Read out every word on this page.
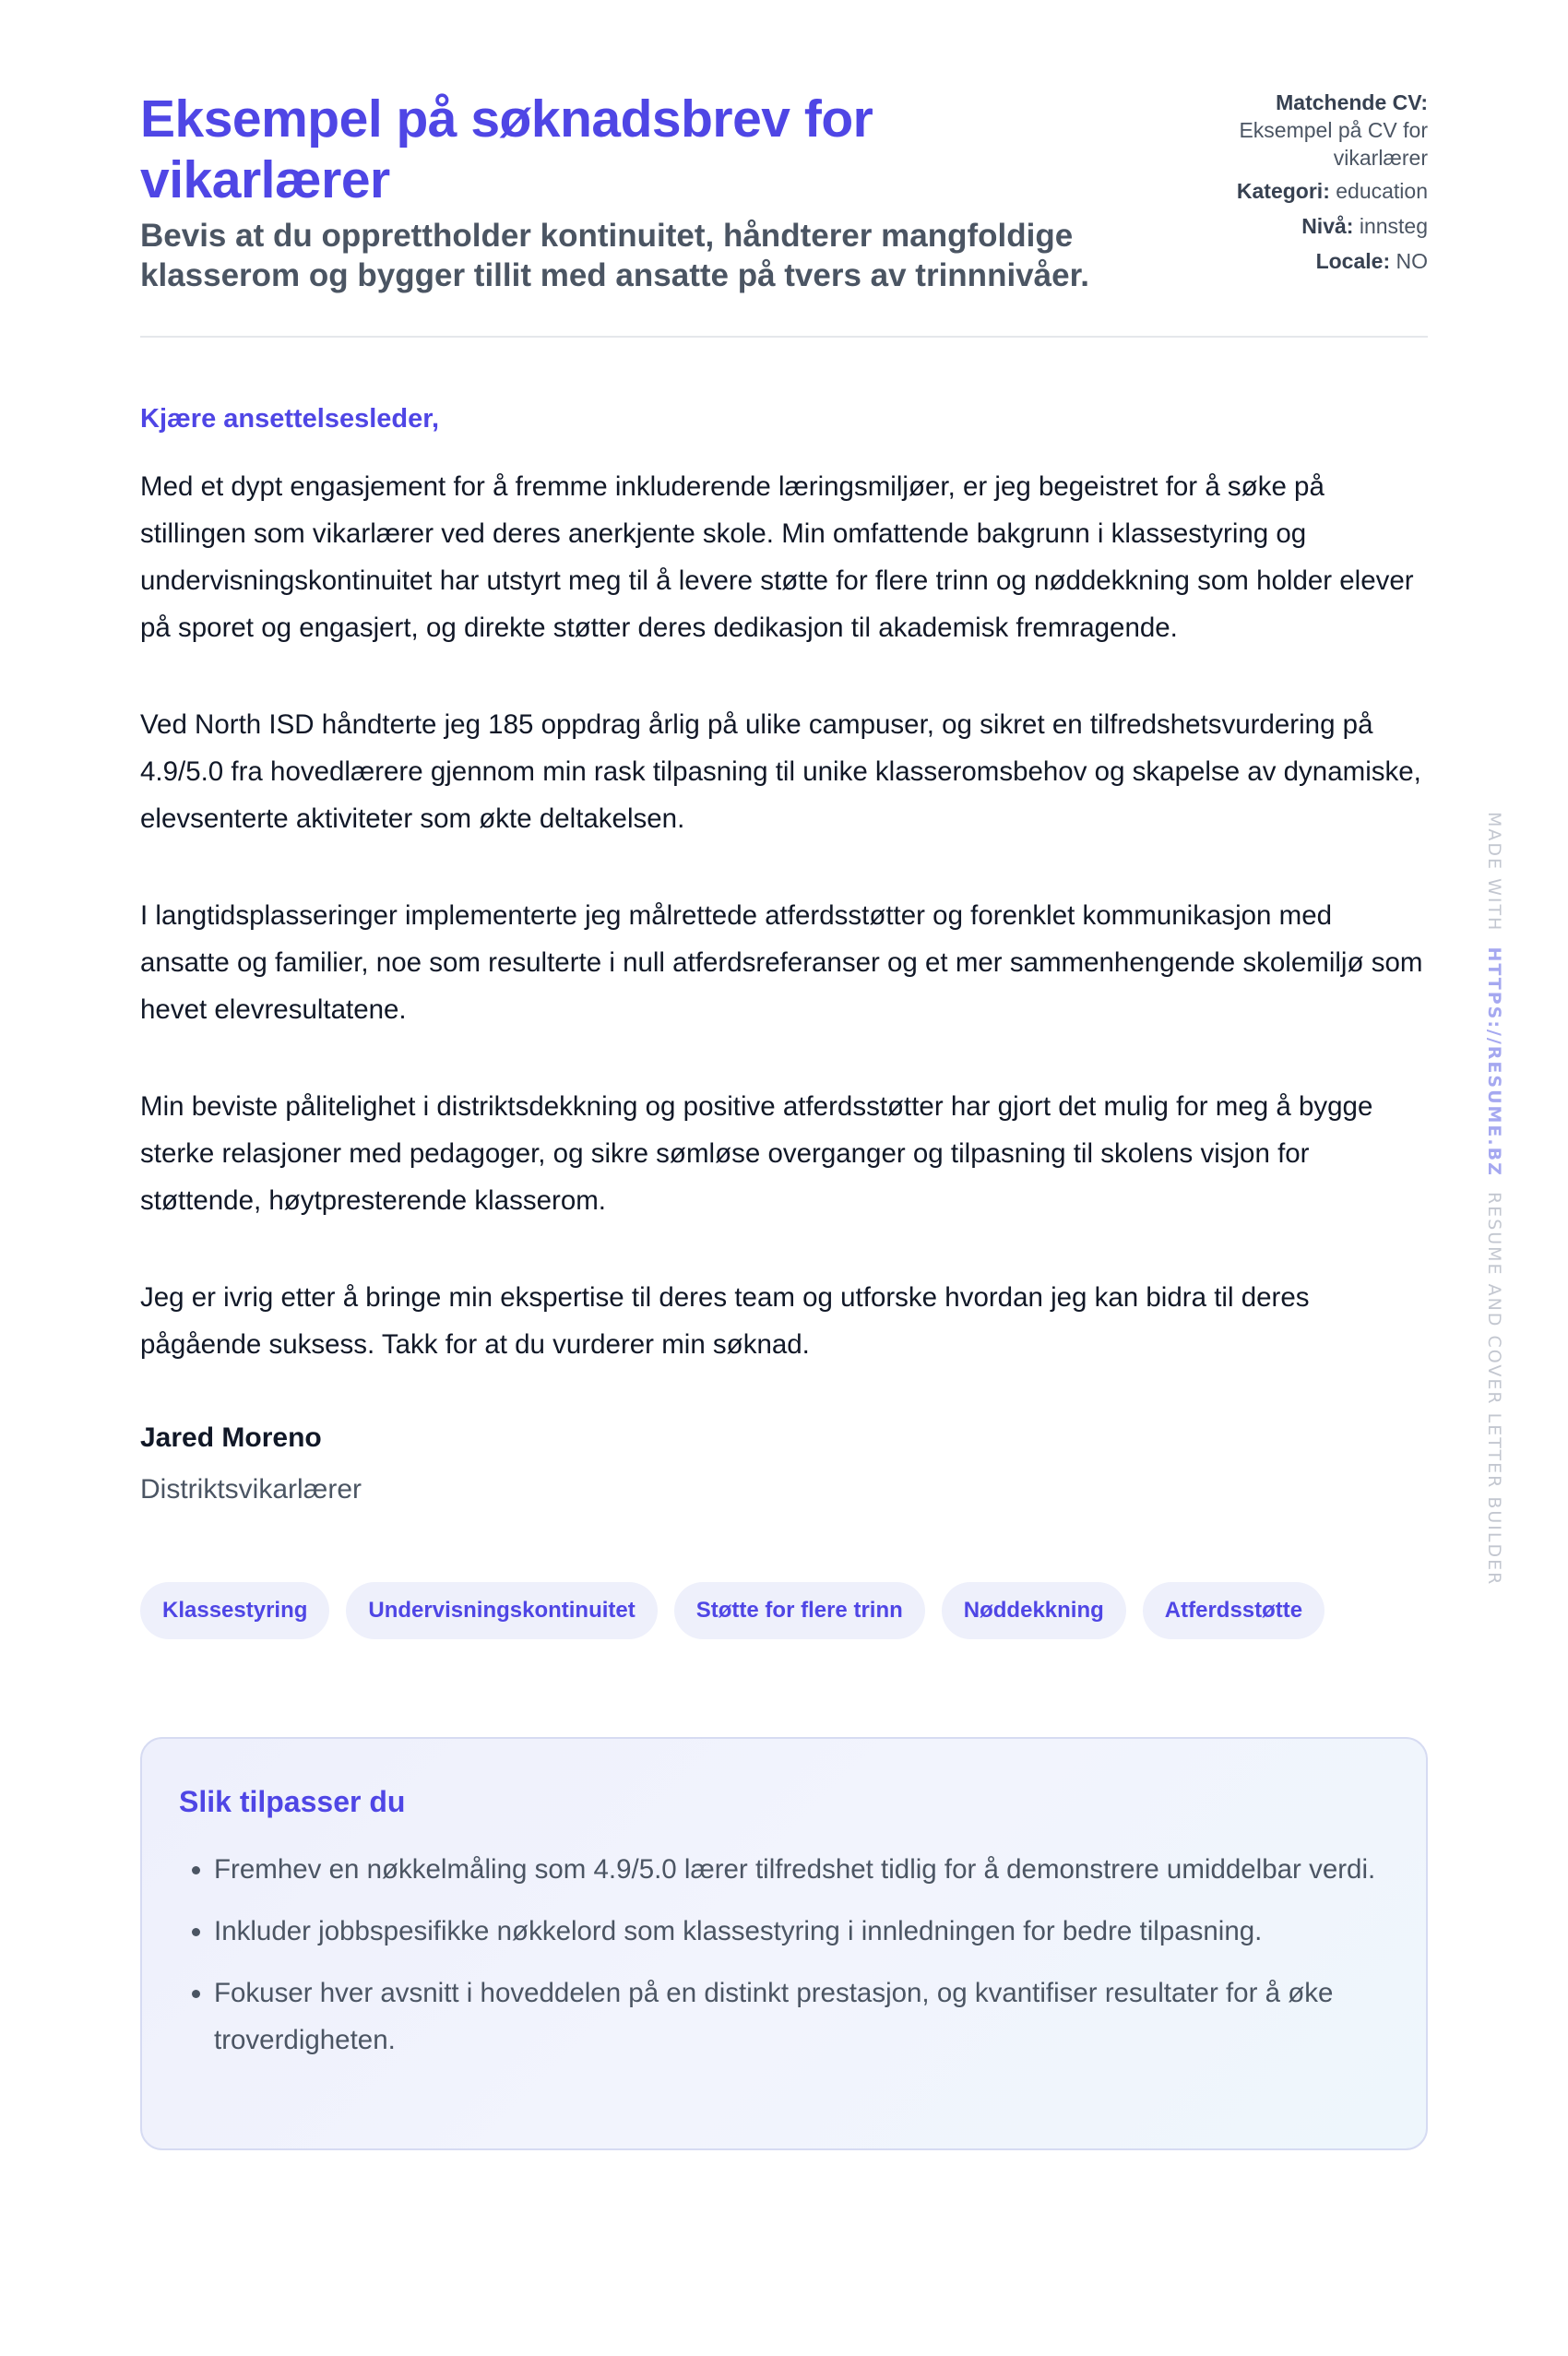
Eksempel på søknadsbrev for vikarlærer
Bevis at du opprettholder kontinuitet, håndterer mangfoldige klasserom og bygger tillit med ansatte på tvers av trinnnivåer.
Matchende CV:
Eksempel på CV for vikarlærer
Kategori: education
Nivå: innsteg
Locale: NO
Kjære ansettelsesleder,

Med et dypt engasjement for å fremme inkluderende læringsmiljøer, er jeg begeistret for å søke på stillingen som vikarlærer ved deres anerkjente skole. Min omfattende bakgrunn i klassestyring og undervisningskontinuitet har utstyrt meg til å levere støtte for flere trinn og nøddekkning som holder elever på sporet og engasjert, og direkte støtter deres dedikasjon til akademisk fremragende.

Ved North ISD håndterte jeg 185 oppdrag årlig på ulike campuser, og sikret en tilfredshetsvurdering på 4.9/5.0 fra hovedlærere gjennom min rask tilpasning til unike klasseromsbehov og skapelse av dynamiske, elevsenterte aktiviteter som økte deltakelsen.

I langtidsplasseringer implementerte jeg målrettede atferdsstøtter og forenklet kommunikasjon med ansatte og familier, noe som resulterte i null atferdsreferanser og et mer sammenhengende skolemiljø som hevet elevresultatene.

Min beviste pålitelighet i distriktsdekkning og positive atferdsstøtter har gjort det mulig for meg å bygge sterke relasjoner med pedagoger, og sikre sømløse overganger og tilpasning til skolens visjon for støttende, høytpresterende klasserom.

Jeg er ivrig etter å bringe min ekspertise til deres team og utforske hvordan jeg kan bidra til deres pågående suksess. Takk for at du vurderer min søknad.

Jared Moreno
Distriktsvikarlærer
Klassestyring	Undervisningskontinuitet	Støtte for flere trinn	Nøddekkning	Atferdsstøtte
Slik tilpasser du
• Fremhev en nøkkelmåling som 4.9/5.0 lærer tilfredshet tidlig for å demonstrere umiddelbar verdi.
• Inkluder jobbspesifikke nøkkelord som klassestyring i innledningen for bedre tilpasning.
• Fokuser hver avsnitt i hoveddelen på en distinkt prestasjon, og kvantifiser resultater for å øke troverdigheten.
MADE WITH  HTTPS://RESUME.BZ  RESUME AND COVER LETTER BUILDER
